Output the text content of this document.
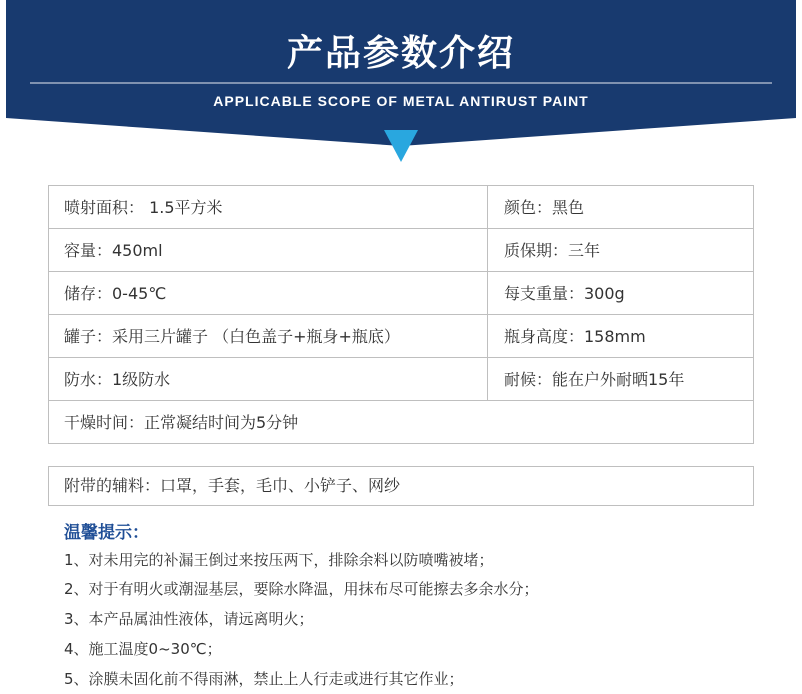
产品参数介绍
APPLICABLE SCOPE OF METAL ANTIRUST PAINT
喷射面积： 1.5平方米	颜色：黑色
容量：450ml	质保期：三年
储存：0-45℃	每支重量：300g
罐子：采用三片罐子 （白色盖子+瓶身+瓶底）	瓶身高度：158mm
防水：1级防水	耐候：能在户外耐晒15年
干燥时间：正常凝结时间为5分钟
附带的辅料：口罩，手套，毛巾、小铲子、网纱
温馨提示：
1、对未用完的补漏王倒过来按压两下，排除余料以防喷嘴被堵；
2、对于有明火或潮湿基层，要除水降温，用抹布尽可能擦去多余水分；
3、本产品属油性液体，请远离明火；
4、施工温度0~30℃；
5、涂膜未固化前不得雨淋，禁止上人行走或进行其它作业；
